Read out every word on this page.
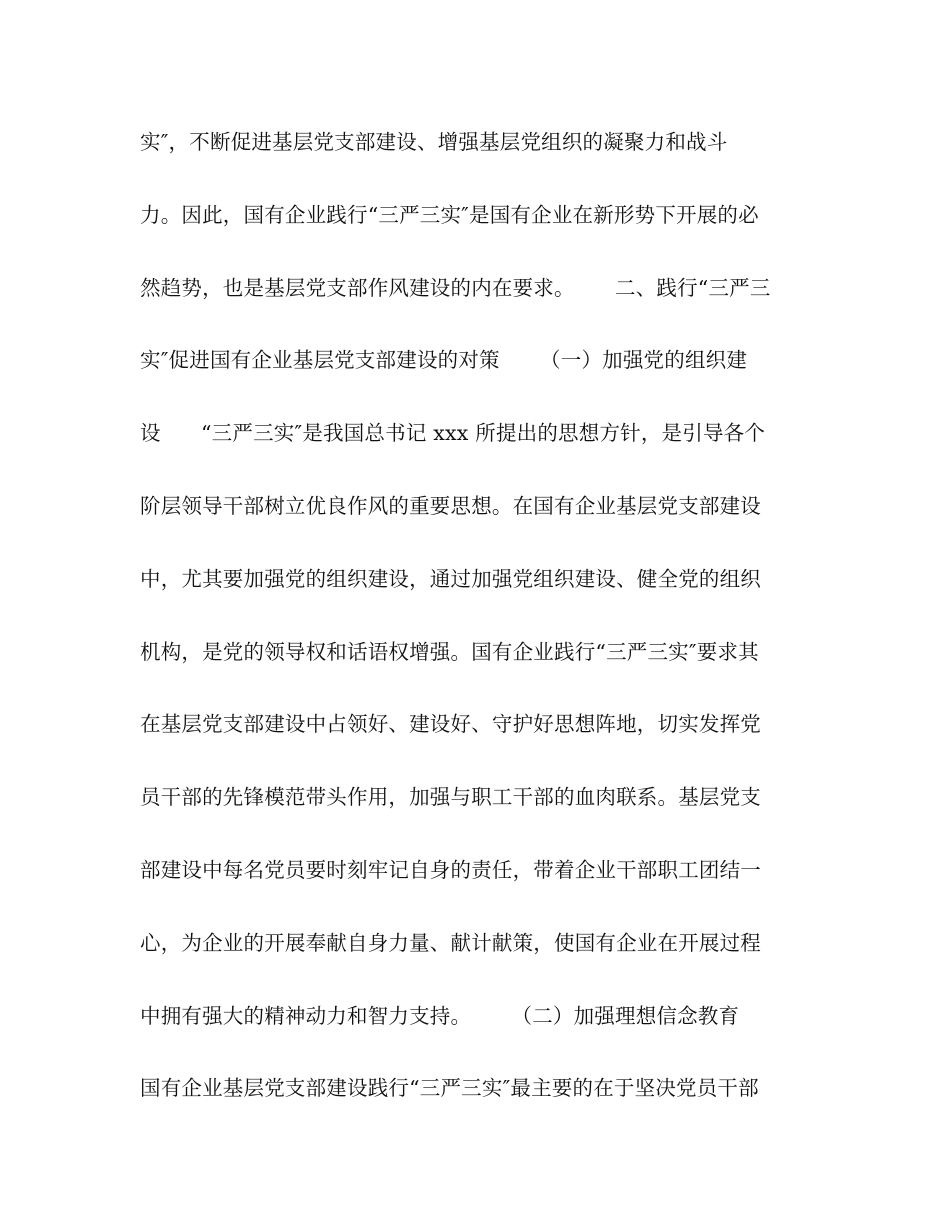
实″，不断促进基层党支部建设、增强基层党组织的凝聚力和战斗
力。因此，国有企业践行“三严三实″是国有企业在新形势下开展的必
然趋势，也是基层党支部作风建设的内在要求。      二、践行“三严三
实″促进国有企业基层党支部建设的对策      （一）加强党的组织建
设      “三严三实″是我国总书记 xxx 所提出的思想方针，是引导各个
阶层领导干部树立优良作风的重要思想。在国有企业基层党支部建设
中，尤其要加强党的组织建设，通过加强党组织建设、健全党的组织
机构，是党的领导权和话语权增强。国有企业践行“三严三实″要求其
在基层党支部建设中占领好、建设好、守护好思想阵地，切实发挥党
员干部的先锋模范带头作用，加强与职工干部的血肉联系。基层党支
部建设中每名党员要时刻牢记自身的责任，带着企业干部职工团结一
心，为企业的开展奉献自身力量、献计献策，使国有企业在开展过程
中拥有强大的精神动力和智力支持。      （二）加强理想信念教育
国有企业基层党支部建设践行“三严三实″最主要的在于坚决党员干部
